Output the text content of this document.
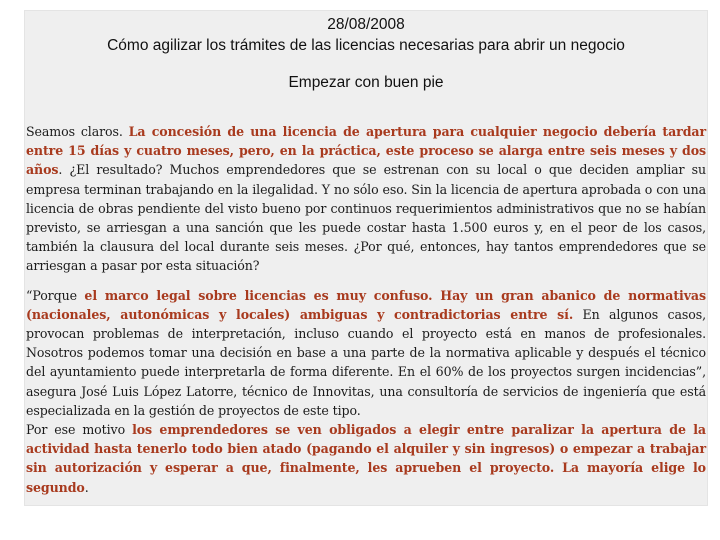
28/08/2008
Cómo agilizar los trámites de las licencias necesarias para abrir un negocio
Empezar con buen pie

Seamos claros. La concesión de una licencia de apertura para cualquier negocio debería tardar entre 15 días y cuatro meses, pero, en la práctica, este proceso se alarga entre seis meses y dos años. ¿El resultado? Muchos emprendedores que se estrenan con su local o que deciden ampliar su empresa terminan trabajando en la ilegalidad. Y no sólo eso. Sin la licencia de apertura aprobada o con una licencia de obras pendiente del visto bueno por continuos requerimientos administrativos que no se habían previsto, se arriesgan a una sanción que les puede costar hasta 1.500 euros y, en el peor de los casos, también la clausura del local durante seis meses. ¿Por qué, entonces, hay tantos emprendedores que se arriesgan a pasar por esta situación?

“Porque el marco legal sobre licencias es muy confuso. Hay un gran abanico de normativas (nacionales, autonómicas y locales) ambiguas y contradictorias entre sí. En algunos casos, provocan problemas de interpretación, incluso cuando el proyecto está en manos de profesionales. Nosotros podemos tomar una decisión en base a una parte de la normativa aplicable y después el técnico del ayuntamiento puede interpretarla de forma diferente. En el 60% de los proyectos surgen incidencias”, asegura José Luis López Latorre, técnico de Innovitas, una consultoría de servicios de ingeniería que está especializada en la gestión de proyectos de este tipo.

Por ese motivo los emprendedores se ven obligados a elegir entre paralizar la apertura de la actividad hasta tenerlo todo bien atado (pagando el alquiler y sin ingresos) o empezar a trabajar sin autorización y esperar a que, finalmente, les aprueben el proyecto. La mayoría elige lo segundo.
